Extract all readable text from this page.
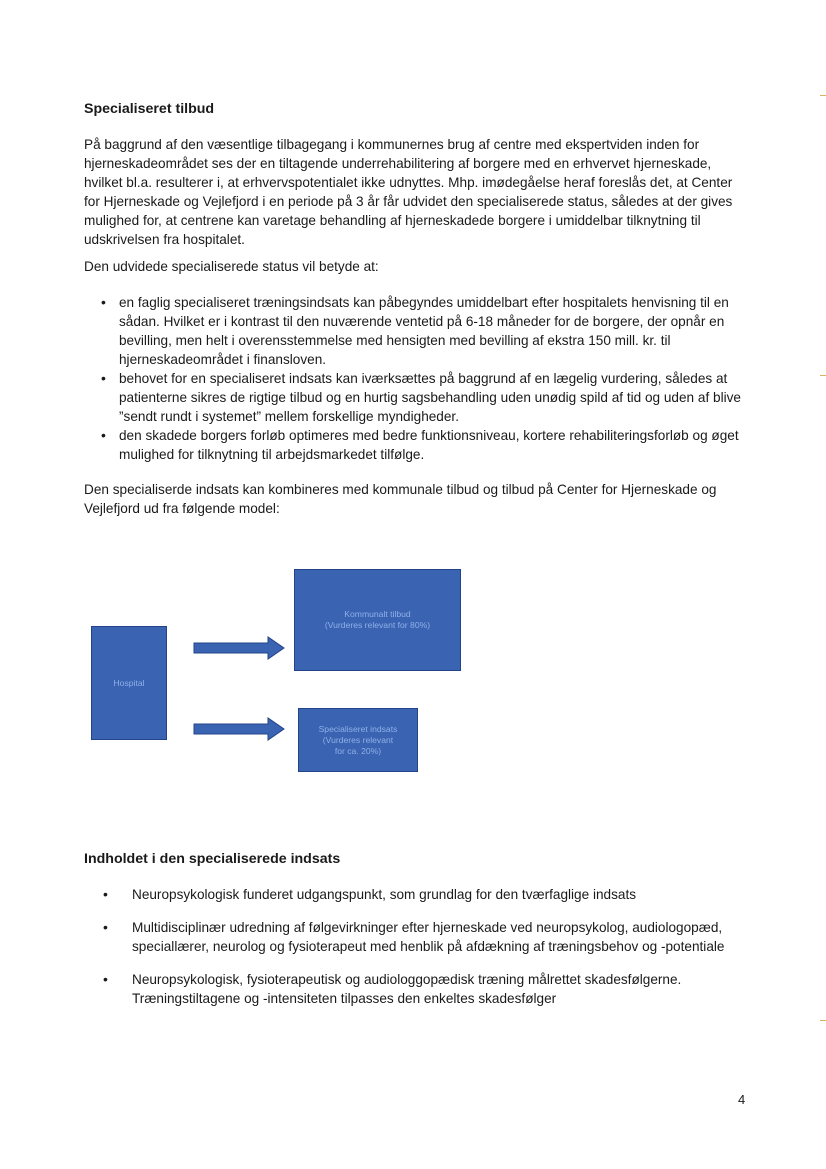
Specialiseret tilbud

På baggrund af den væsentlige tilbagegang i kommunernes brug af centre med ekspertviden inden for hjerneskadeområdet ses der en tiltagende underrehabilitering af borgere med en erhvervet hjerneskade, hvilket bl.a. resulterer i, at erhvervspotentialet ikke udnyttes. Mhp. imødegåelse heraf foreslås det, at Center for Hjerneskade og Vejlefjord i en periode på 3 år får udvidet den specialiserede status, således at der gives mulighed for, at centrene kan varetage behandling af hjerneskadede borgere i umiddelbar tilknytning til udskrivelsen fra hospitalet.

Den udvidede specialiserede status vil betyde at:

• en faglig specialiseret træningsindsats kan påbegyndes umiddelbart efter hospitalets henvisning til en sådan. Hvilket er i kontrast til den nuværende ventetid på 6-18 måneder for de borgere, der opnår en bevilling, men helt i overensstemmelse med hensigten med bevilling af ekstra 150 mill. kr. til hjerneskadeområdet i finansloven.
• behovet for en specialiseret indsats kan iværksættes på baggrund af en lægelig vurdering, således at patienterne sikres de rigtige tilbud og en hurtig sagsbehandling uden unødig spild af tid og uden af blive ”sendt rundt i systemet” mellem forskellige myndigheder.
• den skadede borgers forløb optimeres med bedre funktionsniveau, kortere rehabiliteringsforløb og øget mulighed for tilknytning til arbejdsmarkedet tilfølge.

Den specialiserde indsats kan kombineres med kommunale tilbud og tilbud på Center for Hjerneskade og Vejlefjord ud fra følgende model:

Indholdet i den specialiserede indsats
• Neuropsykologisk funderet udgangspunkt, som grundlag for den tværfaglige indsats
• Multidisciplinær udredning af følgevirkninger efter hjerneskade ved neuropsykolog, audiologopæd, speciallærer, neurolog og fysioterapeut med henblik på afdækning af træningsbehov og -potentiale
• Neuropsykologisk, fysioterapeutisk og audiologgopædisk træning målrettet skadesfølgerne. Træningstiltagene og -intensiteten tilpasses den enkeltes skadesfølger
Hospital
Kommunalt tilbud
(Vurderes relevant for 80%)
Specialiseret indsats
(Vurderes relevant
for ca. 20%)
4
